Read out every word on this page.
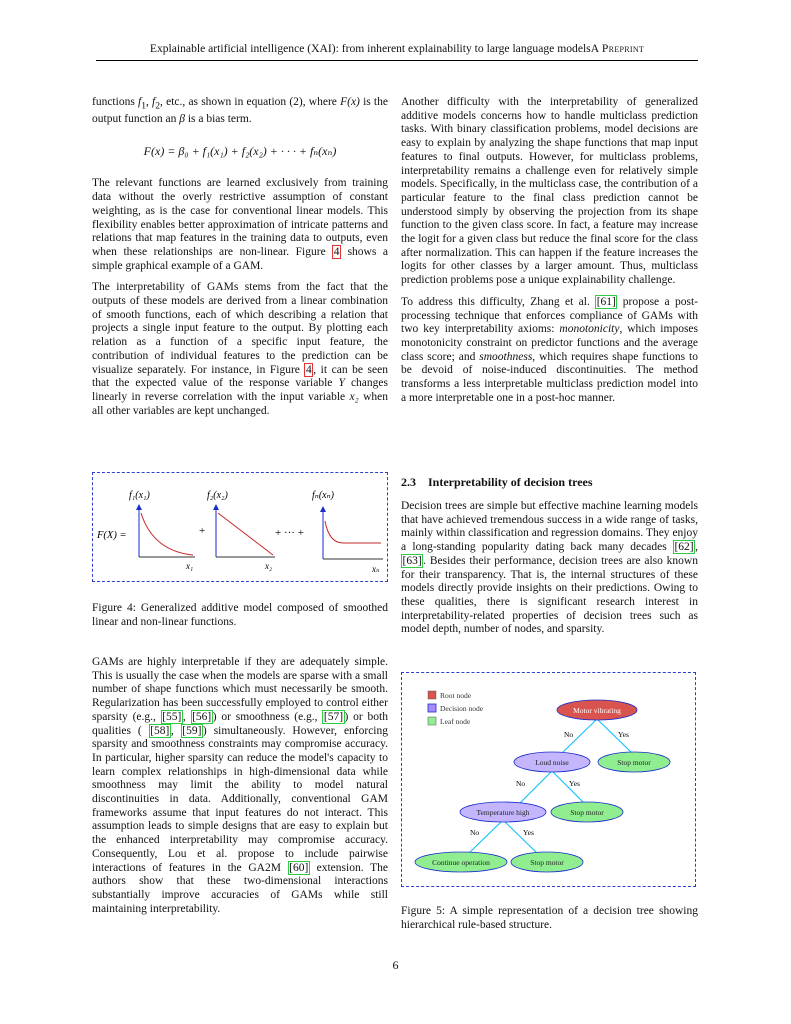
Explainable artificial intelligence (XAI): from inherent explainability to large language modelsA Preprint

functions $f_1$, $f_2$, etc., as shown in equation (2), where F(x) is the output function an β is a bias term.

F(x) = β₀ + f₁(x₁) + f₂(x₂) + · · · + fₙ(xₙ)

The relevant functions are learned exclusively from training data without the overly restrictive assumption of constant weighting, as is the case for conventional linear models. This flexibility enables better approximation of intricate patterns and relations that map features in the training data to outputs, even when these relationships are non-linear. Figure 4 shows a simple graphical example of a GAM.

The interpretability of GAMs stems from the fact that the outputs of these models are derived from a linear combination of smooth functions, each of which describing a relation that projects a single input feature to the output. By plotting each relation as a function of a specific input feature, the contribution of individual features to the prediction can be visualize separately. For instance, in Figure 4 , it can be seen that the expected value of the response variable Y changes linearly in reverse correlation with the input variable x₂ when all other variables are kept unchanged.

f₁(x₁)	f₂(x₂)	fₙ(xₙ)
F(X) =	+	+ ··· +
x₁	x₂	xₙ
Figure 4: Generalized additive model composed of smoothed linear and non-linear functions.

GAMs are highly interpretable if they are adequately simple. This is usually the case when the models are sparse with a small number of shape functions which must necessarily be smooth. Regularization has been successfully employed to control either sparsity (e.g., [55] , [56] ) or smoothness (e.g., [57] ) or both qualities ( [58] , [59] ) simultaneously. However, enforcing sparsity and smoothness constraints may compromise accuracy. In particular, higher sparsity can reduce the model's capacity to learn complex relationships in high-dimensional data while smoothness may limit the ability to model natural discontinuities in data. Additionally, conventional GAM frameworks assume that input features do not interact. This assumption leads to simple designs that are easy to explain but the enhanced interpretability may compromise accuracy. Consequently, Lou et al. propose to include pairwise interactions of features in the GA2M [60] extension. The authors show that these two-dimensional interactions substantially improve accuracies of GAMs while still maintaining interpretability.

Another difficulty with the interpretability of generalized additive models concerns how to handle multiclass prediction tasks. With binary classification problems, model decisions are easy to explain by analyzing the shape functions that map input features to final outputs. However, for multiclass problems, interpretability remains a challenge even for relatively simple models. Specifically, in the multiclass case, the contribution of a particular feature to the final class prediction cannot be understood simply by observing the projection from its shape function to the given class score. In fact, a feature may increase the logit for a given class but reduce the final score for the class after normalization. This can happen if the feature increases the logits for other classes by a larger amount. Thus, multiclass prediction problems pose a unique explainability challenge.

To address this difficulty, Zhang et al. [61] propose a post-processing technique that enforces compliance of GAMs with two key interpretability axioms: monotonicity, which imposes monotonicity constraint on predictor functions and the average class score; and smoothness, which requires shape functions to be devoid of noise-induced discontinuities. The method transforms a less interpretable multiclass prediction model into a more interpretable one in a post-hoc manner.

2.3 Interpretability of decision trees

Decision trees are simple but effective machine learning models that have achieved tremendous success in a wide range of tasks, mainly within classification and regression domains. They enjoy a long-standing popularity dating back many decades [62] , [63] . Besides their performance, decision trees are also known for their transparency. That is, the internal structures of these models directly provide insights on their predictions. Owing to these qualities, there is significant research interest in interpretability-related properties of decision trees such as model depth, number of nodes, and sparsity.

Root node
Decision node
Leaf node
No	Yes
No	Yes
No	Yes
Motor vibrating
Loud noise	Stop motor
Temperature high	Stop motor
Continue operation	Stop motor
Figure 5: A simple representation of a decision tree showing hierarchical rule-based structure.
6
